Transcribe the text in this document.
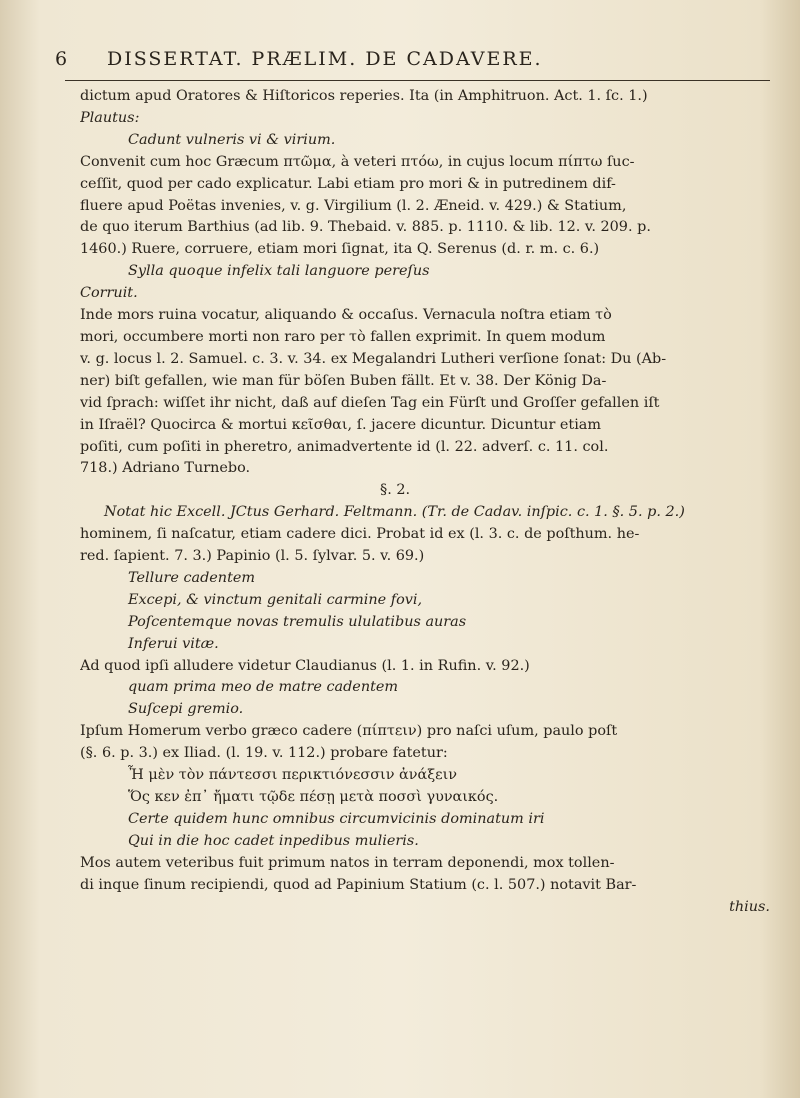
6 DISSERTAT. PRÆLIM. DE CADAVERE.
dictum apud Oratores & Hiſtoricos reperies. Ita (in Amphitruon. Act. 1. ſc. 1.)
Plautus:
Cadunt vulneris vi & virium.
Convenit cum hoc Græcum πτῶμα, à veteri πτόω, in cujus locum πίπτω ſuc-
ceſſit, quod per cado explicatur. Labi etiam pro mori & in putredinem dif-
fluere apud Poëtas invenies, v. g. Virgilium (l. 2. Æneid. v. 429.) & Statium,
de quo iterum Barthius (ad lib. 9. Thebaid. v. 885. p. 1110. & lib. 12. v. 209. p.
1460.) Ruere, corruere, etiam mori ſignat, ita Q. Serenus (d. r. m. c. 6.)
Sylla quoque infelix tali languore pereſus
Corruit.
Inde mors ruina vocatur, aliquando & occaſus. Vernacula noſtra etiam τὸ
mori, occumbere morti non raro per τὸ fallen exprimit. In quem modum
v. g. locus l. 2. Samuel. c. 3. v. 34. ex Megalandri Lutheri verſione ſonat: Du (Ab-
ner) biſt gefallen, wie man für böſen Buben fällt. Et v. 38. Der König Da-
vid ſprach: wiſſet ihr nicht, daß auf dieſen Tag ein Fürſt und Groſſer gefallen iſt
in Iſraël? Quocirca & mortui κεῖσθαι, ſ. jacere dicuntur. Dicuntur etiam
poſiti, cum poſiti in pheretro, animadvertente id (l. 22. adverſ. c. 11. col.
718.) Adriano Turnebo.
§. 2.
Notat hic Excell. JCtus Gerhard. Feltmann. (Tr. de Cadav. inſpic. c. 1. §. 5. p. 2.)
hominem, ſi naſcatur, etiam cadere dici. Probat id ex (l. 3. c. de poſthum. he-
red. ſapient. 7. 3.) Papinio (l. 5. ſylvar. 5. v. 69.)
Tellure cadentem
Excepi, & vinctum genitali carmine fovi,
Poſcentemque novas tremulis ululatibus auras
Inferui vitæ.
Ad quod ipſi alludere videtur Claudianus (l. 1. in Rufin. v. 92.)
quam prima meo de matre cadentem
Suſcepi gremio.
Ipſum Homerum verbo græco cadere (πίπτειν) pro naſci uſum, paulo poſt
(§. 6. p. 3.) ex Iliad. (l. 19. v. 112.) probare fatetur:
Ἦ μὲν τὸν πάντεσσι περικτιόνεσσιν ἀνάξειν
Ὅς κεν ἐπ᾽ ἤματι τῷδε πέσῃ μετὰ ποσσὶ γυναικός.
Certe quidem hunc omnibus circumvicinis dominatum iri
Qui in die hoc cadet inpedibus mulieris.
Mos autem veteribus fuit primum natos in terram deponendi, mox tollen-
di inque ſinum recipiendi, quod ad Papinium Statium (c. l. 507.) notavit Bar-
thius.
